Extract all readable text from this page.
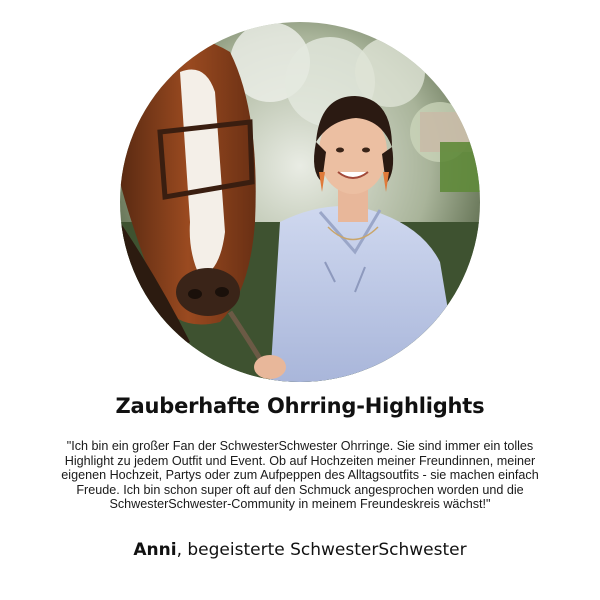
Zauberhafte Ohrring-Highlights
"Ich bin ein großer Fan der SchwesterSchwester Ohrringe. Sie sind immer ein tolles Highlight zu jedem Outfit und Event. Ob auf Hochzeiten meiner Freundinnen, meiner eigenen Hochzeit, Partys oder zum Aufpeppen des Alltagsoutfits - sie machen einfach Freude. Ich bin schon super oft auf den Schmuck angesprochen worden und die SchwesterSchwester-Community in meinem Freundeskreis wächst!"
Anni, begeisterte SchwesterSchwester
